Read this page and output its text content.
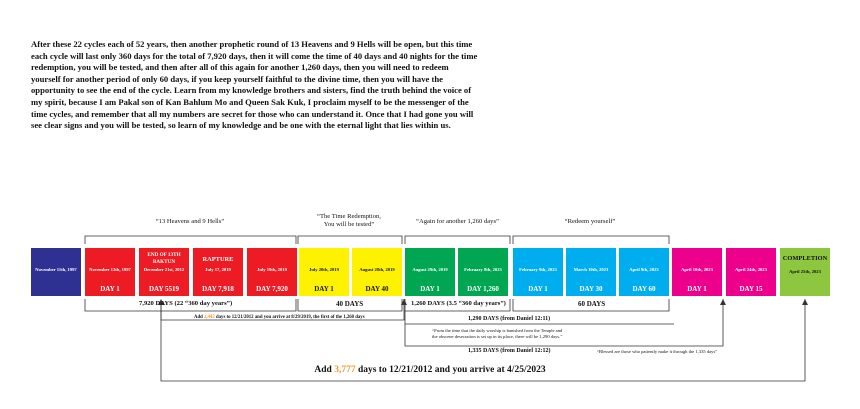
After these 22 cycles each of 52 years, then another prophetic round of 13 Heavens and 9 Hells will be open, but this time each cycle will last only 360 days for the total of 7,920 days, then it will come the time of 40 days and 40 nights for the time redemption, you will be tested, and then after all of this again for another 1,260 days, then you will need to redeem yourself for another period of only 60 days, if you keep yourself faithful to the divine time, then you will have the opportunity to see the end of the cycle. Learn from my knowledge brothers and sisters, find the truth behind the voice of my spirit, because I am Pakal son of Kan Bahlum Mo and Queen Sak Kuk, I proclaim myself to be the messenger of the time cycles, and remember that all my numbers are secret for those who can understand it. Once that I had gone you will see clear signs and you will be tested, so learn of my knowledge and be one with the eternal light that lies within us.

“13 Heavens and 9 Hells”
“The Time Redemption,
You will be tested”	“Again for another 1,260 days”	“Redeem yourself”
November 11th, 1997	November 12th, 1997
DAY 1
END OF 13TH BAKTUN
December 21st, 2012
DAY 5519
RAPTURE
July 17, 2019
DAY 7,918
July 19th, 2019
DAY 7,920
July 20th, 2019
DAY 1
August 28th, 2019
DAY 40
August 29th, 2019
DAY 1
February 8th, 2023
DAY 1,260
February 9th, 2023
DAY 1
March 10th, 2023
DAY 30
April 9th, 2023
DAY 60
April 10th, 2023
DAY 1
April 24th, 2023
DAY 15
COMPLETION
April 25th, 2023
7,920 DAYS (22 “360 day years”)	40 DAYS	1,260 DAYS (3.5 “360 day years”)	60 DAYS
Add 2,442 days to 12/21/2012 and you arrive at 8/29/2019, the first of the 1,260 days	1,290 DAYS (from Daniel 12:11)
“From the time that the daily worship is banished from the Temple and
the obscene desecration is set up in its place, there will be 1,290 days.”
1,335 DAYS (from Daniel 12:12)	“Blessed are those who patiently make it through the 1,335 days”
Add 3,777 days to 12/21/2012 and you arrive at 4/25/2023
